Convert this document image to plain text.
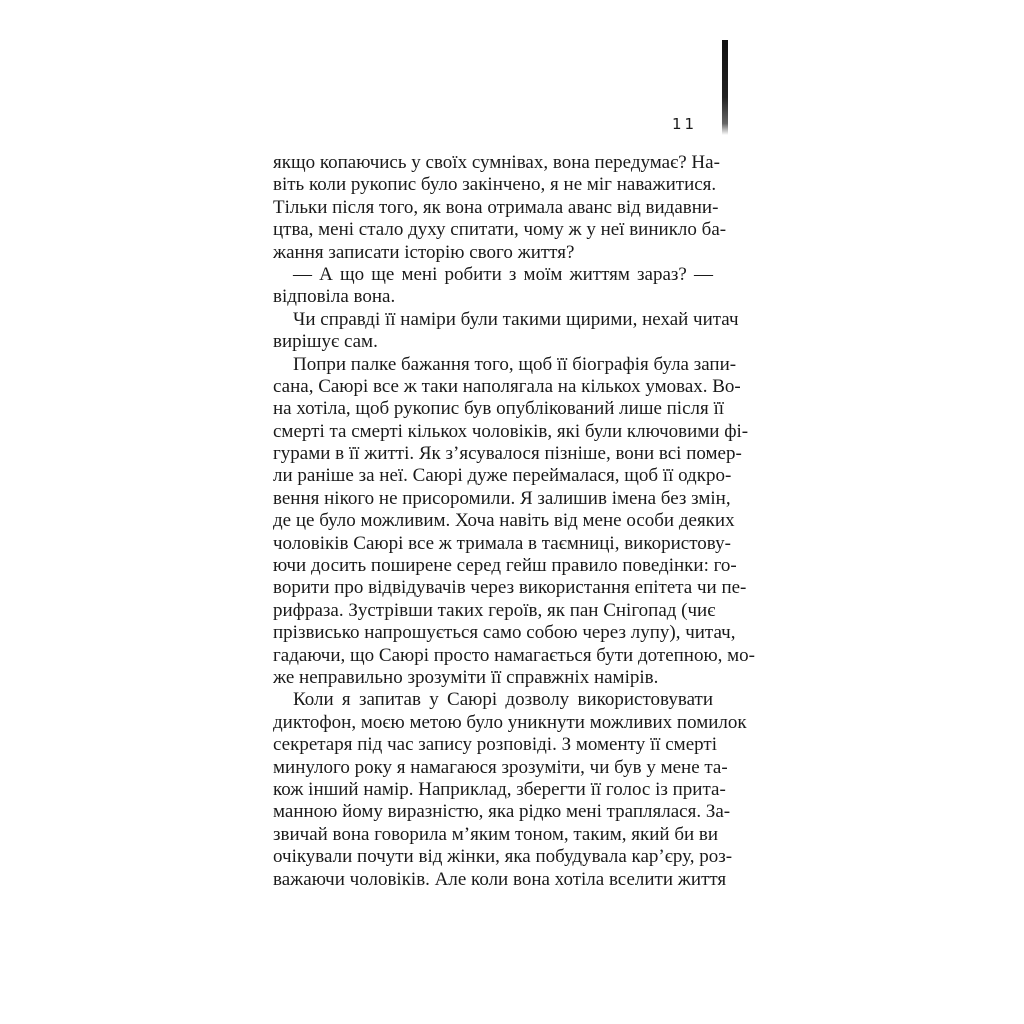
11
якщо копаючись у своїх сумнівах, вона передумає? На-
віть коли рукопис було закінчено, я не міг наважитися.
Тільки після того, як вона отримала аванс від видавни-
цтва, мені стало духу спитати, чому ж у неї виникло ба-
жання записати історію свого життя?
— А що ще мені робити з моїм життям зараз? —
відповіла вона.
Чи справді її наміри були такими щирими, нехай читач
вирішує сам.
Попри палке бажання того, щоб її біографія була запи-
сана, Саюрі все ж таки наполягала на кількох умовах. Во-
на хотіла, щоб рукопис був опублікований лише після її
смерті та смерті кількох чоловіків, які були ключовими фі-
гурами в її житті. Як з’ясувалося пізніше, вони всі помер-
ли раніше за неї. Саюрі дуже переймалася, щоб її одкро-
вення нікого не присоромили. Я залишив імена без змін,
де це було можливим. Хоча навіть від мене особи деяких
чоловіків Саюрі все ж тримала в таємниці, використову-
ючи досить поширене серед гейш правило поведінки: го-
ворити про відвідувачів через використання епітета чи пе-
рифраза. Зустрівши таких героїв, як пан Снігопад (чиє
прізвисько напрошується само собою через лупу), читач,
гадаючи, що Саюрі просто намагається бути дотепною, мо-
же неправильно зрозуміти її справжніх намірів.
Коли я запитав у Саюрі дозволу використовувати
диктофон, моєю метою було уникнути можливих помилок
секретаря під час запису розповіді. З моменту її смерті
минулого року я намагаюся зрозуміти, чи був у мене та-
кож інший намір. Наприклад, зберегти її голос із прита-
манною йому виразністю, яка рідко мені траплялася. За-
звичай вона говорила м’яким тоном, таким, який би ви
очікували почути від жінки, яка побудувала кар’єру, роз-
важаючи чоловіків. Але коли вона хотіла вселити життя
